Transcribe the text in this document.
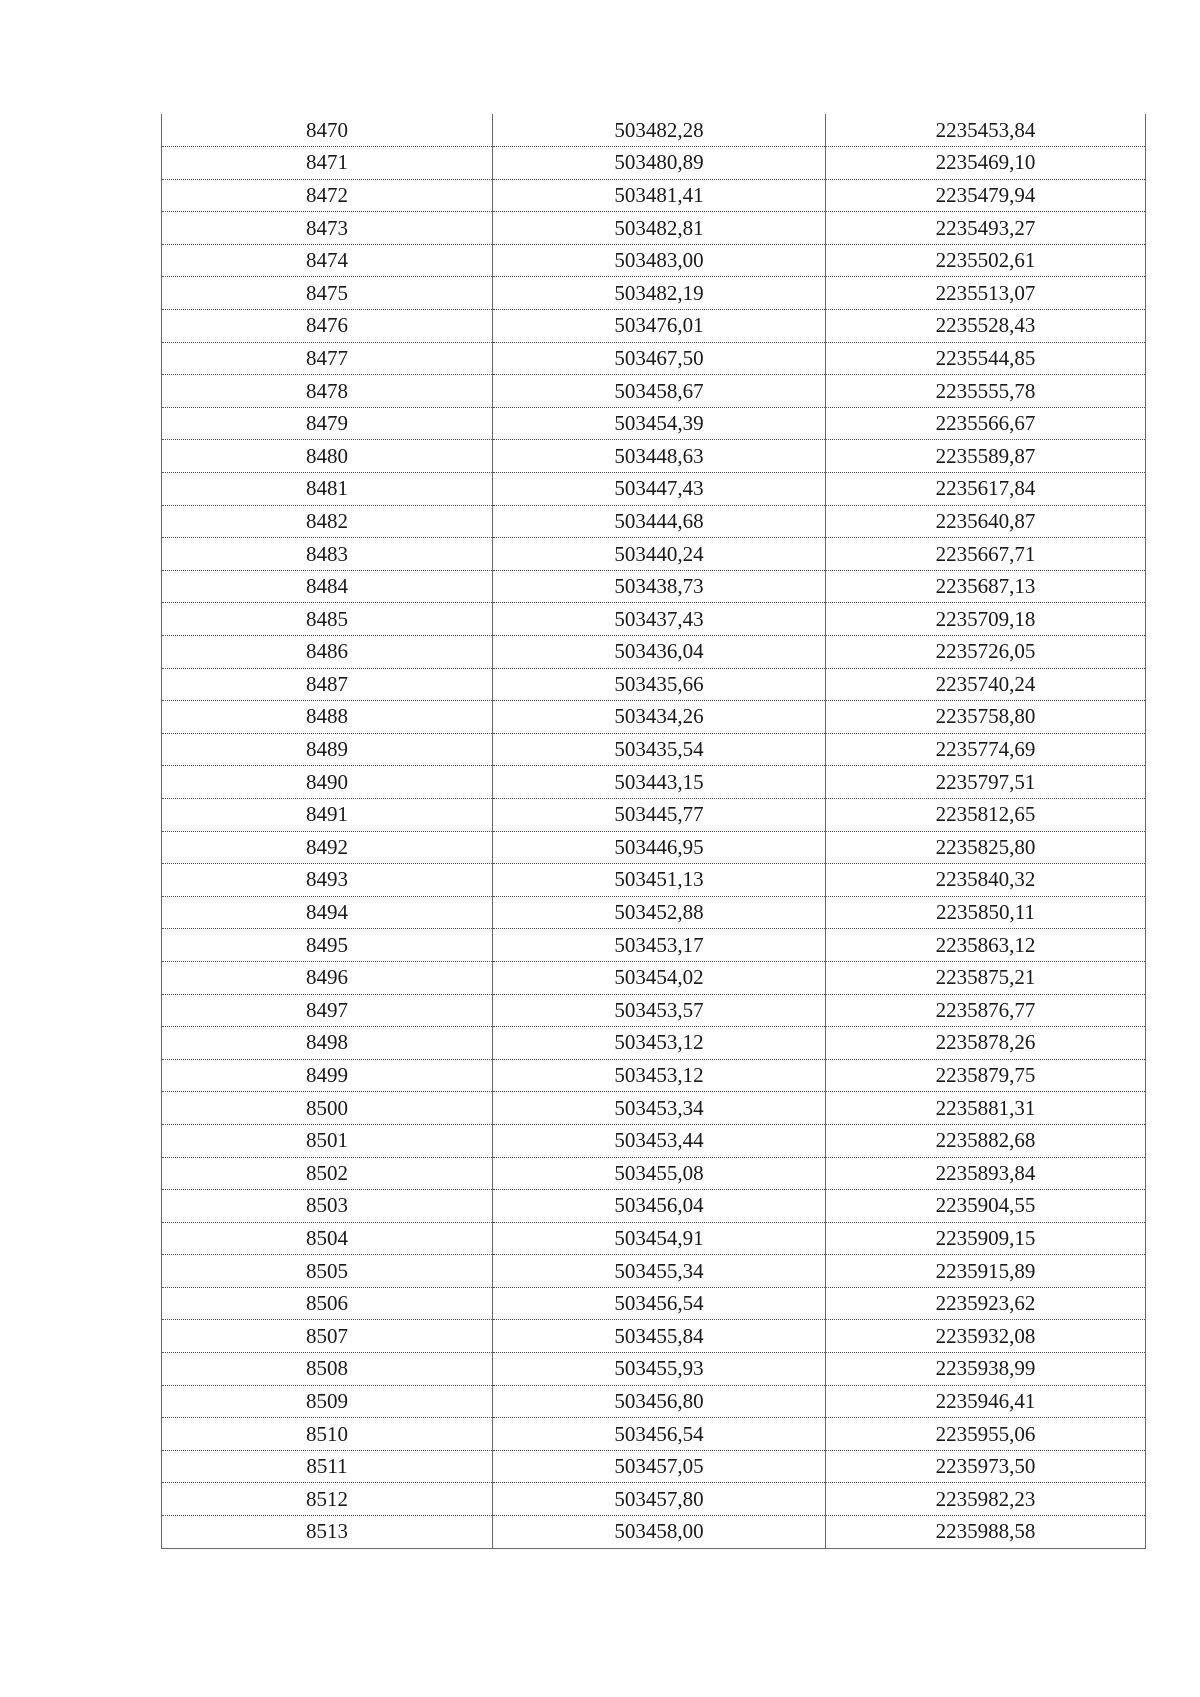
8470	503482,28	2235453,84
8471	503480,89	2235469,10
8472	503481,41	2235479,94
8473	503482,81	2235493,27
8474	503483,00	2235502,61
8475	503482,19	2235513,07
8476	503476,01	2235528,43
8477	503467,50	2235544,85
8478	503458,67	2235555,78
8479	503454,39	2235566,67
8480	503448,63	2235589,87
8481	503447,43	2235617,84
8482	503444,68	2235640,87
8483	503440,24	2235667,71
8484	503438,73	2235687,13
8485	503437,43	2235709,18
8486	503436,04	2235726,05
8487	503435,66	2235740,24
8488	503434,26	2235758,80
8489	503435,54	2235774,69
8490	503443,15	2235797,51
8491	503445,77	2235812,65
8492	503446,95	2235825,80
8493	503451,13	2235840,32
8494	503452,88	2235850,11
8495	503453,17	2235863,12
8496	503454,02	2235875,21
8497	503453,57	2235876,77
8498	503453,12	2235878,26
8499	503453,12	2235879,75
8500	503453,34	2235881,31
8501	503453,44	2235882,68
8502	503455,08	2235893,84
8503	503456,04	2235904,55
8504	503454,91	2235909,15
8505	503455,34	2235915,89
8506	503456,54	2235923,62
8507	503455,84	2235932,08
8508	503455,93	2235938,99
8509	503456,80	2235946,41
8510	503456,54	2235955,06
8511	503457,05	2235973,50
8512	503457,80	2235982,23
8513	503458,00	2235988,58
